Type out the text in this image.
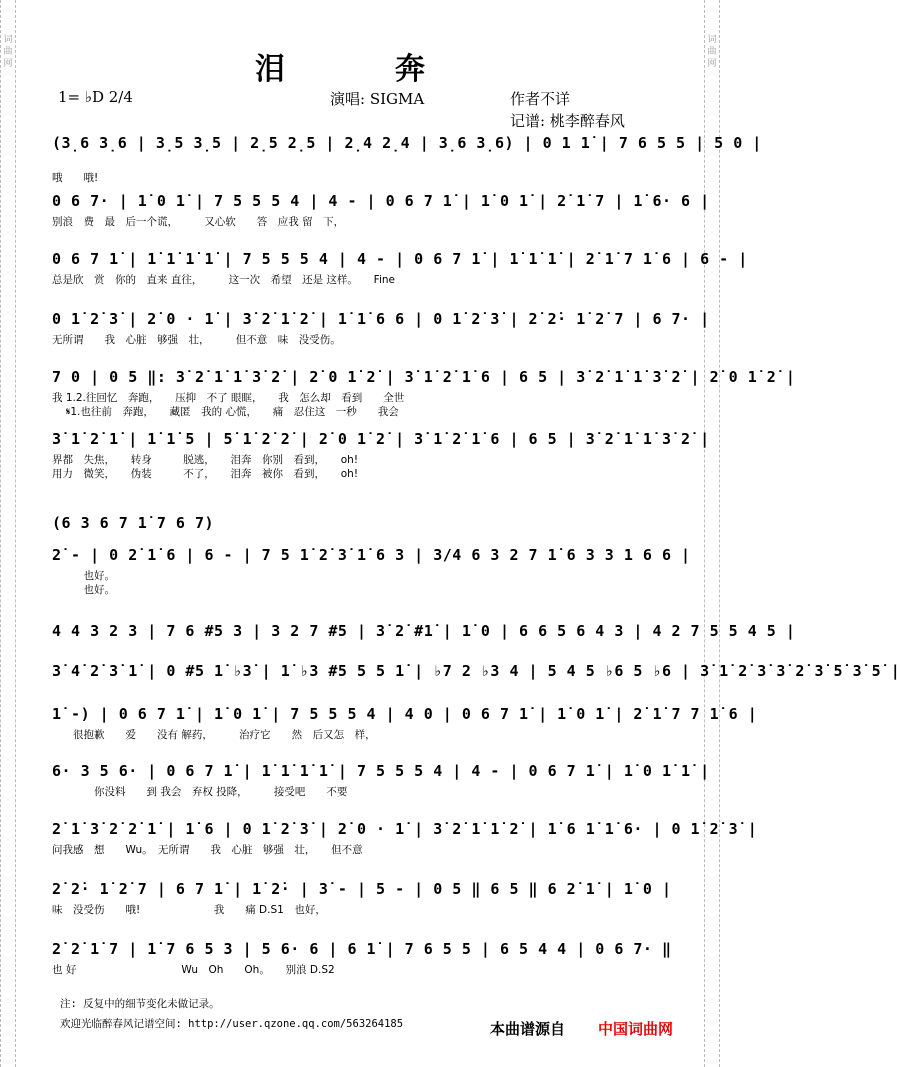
词曲网
词曲网
泪　奔
1= ♭D 2/4	演唱: SIGMA	作者不详
记谱: 桃李醉春风
(3̣6 3̣6 | 3̣5 3̣5 | 2̣5 2̣5 | 2̣4 2̣4 | 3̣6 3̣6) | 0 1 1̇ | 7 6 5 5 | 5 0 |
哦　　哦!
0 6 7· | 1̇ 0 1̇ | 7 5 5 5 4 | 4 - | 0 6 7 1̇ | 1̇ 0 1̇ | 2̇ 1̇ 7 | 1̇ 6· 6 |
别浪　费　最　后一个谎，　　　又心软　　答　应我 留　下，
0 6 7 1̇ | 1̇ 1̇ 1̇ 1̇ | 7 5 5 5 4 | 4 - | 0 6 7 1̇ | 1̇ 1̇ 1̇ | 2̇ 1̇ 7 1̇ 6 | 6 - |
总是欣　赏　你的　直来 直往，　　　这一次　希望　还是 这样。　　Fine
0 1̇ 2̇ 3̇ | 2̇ 0 · 1̇ | 3̇ 2̇ 1̇ 2̇ | 1̇ 1̇ 6 6 | 0 1̇ 2̇ 3̇ | 2̇ 2̇· 1̇ 2̇ 7 | 6 7· |
无所谓　　我　心脏　够强　壮，　　　但不意　味　没受伤。
7 0 | 0 5 ‖: 3̇ 2̇ 1̇ 1̇ 3̇ 2̇ | 2̇ 0 1̇ 2̇ | 3̇ 1̇ 2̇ 1̇ 6 | 6 5 | 3̇ 2̇ 1̇ 1̇ 3̇ 2̇ | 2̇ 0 1̇ 2̇ |
我 1.2.往回忆　奔跑，　　压抑　不了 眼眶，　　我　怎么却　看到　　全世
　 𝄋1.也往前　奔跑，　　藏匿　我的 心慌，　　痛　忍住这　一秒　　我会
3̇ 1̇ 2̇ 1̇ | 1̇ 1̇ 5 | 5̇ 1̇ 2̇ 2̇ | 2̇ 0 1̇ 2̇ | 3̇ 1̇ 2̇ 1̇ 6 | 6 5 | 3̇ 2̇ 1̇ 1̇ 3̇ 2̇ |
界都　失焦，　　转身　　　脱逃，　　泪奔　你别　看到，　　oh!
用力　微笑，　　伪装　　　不了，　　泪奔　被你　看到，　　oh!
(6 3 6 7 1̇ 7 6 7)
2̇ - | 0 2̇ 1̇ 6 | 6 - | 7 5 1̇ 2̇ 3̇ 1̇ 6 3 | 3/4 6 3 2 7 1̇ 6 3 3 1 6 6 |
　　　也好。
　　　也好。
4 4 3 2 3 | 7 6 #5 3 | 3 2 7 #5 | 3̇ 2̇ #1̇ | 1̇ 0 | 6 6 5 6 4 3 | 4 2 7 5 5 4 5 |
3̇ 4̇ 2̇ 3̇ 1̇ | 0 #5 1̇ ♭3̇ | 1̇ ♭3 #5 5 5 1̇ | ♭7 2 ♭3 4 | 5 4 5 ♭6 5 ♭6 | 3̇ 1̇ 2̇ 3̇ 3̇ 2̇ 3̇ 5̇ 3̇ 5̇ |
1̇ -) | 0 6 7 1̇ | 1̇ 0 1̇ | 7 5 5 5 4 | 4 0 | 0 6 7 1̇ | 1̇ 0 1̇ | 2̇ 1̇ 7 7 1̇ 6 |
　　很抱歉　　爱　　没有 解药，　　　治疗它　　然　后又怎　样，
6· 3 5 6· | 0 6 7 1̇ | 1̇ 1̇ 1̇ 1̇ | 7 5 5 5 4 | 4 - | 0 6 7 1̇ | 1̇ 0 1̇ 1̇ |
　　　　你没料　　到 我会　弃权 投降，　　　接受吧　　不要
2̇ 1̇ 3̇ 2̇ 2̇ 1̇ | 1̇ 6 | 0 1̇ 2̇ 3̇ | 2̇ 0 · 1̇ | 3̇ 2̇ 1̇ 1̇ 2̇ | 1̇ 6 1̇ 1̇ 6· | 0 1̇ 2̇ 3̇ |
问我感　想　　Wu。　无所谓　　我　心脏　够强　壮，　　但不意
2̇ 2̇· 1̇ 2̇ 7 | 6 7 1̇ | 1̇ 2̇· | 3̇ - | 5 - | 0 5 ‖ 6 5 ‖ 6 2̇ 1̇ | 1̇ 0 |
味　没受伤　　哦!　　　　　　　我　　痛 D.S1　也好，
2̇ 2̇ 1̇ 7 | 1̇ 7 6 5 3 | 5 6· 6 | 6 1̇ | 7 6 5 5 | 6 5 4 4 | 0 6 7· ‖
也 好　　　　　　　　　　Wu　Oh　　Oh。　　别浪 D.S2
注: 反复中的细节变化未做记录。
欢迎光临醉春风记谱空间: http://user.qzone.qq.com/563264185	本曲谱源自 中国词曲网
